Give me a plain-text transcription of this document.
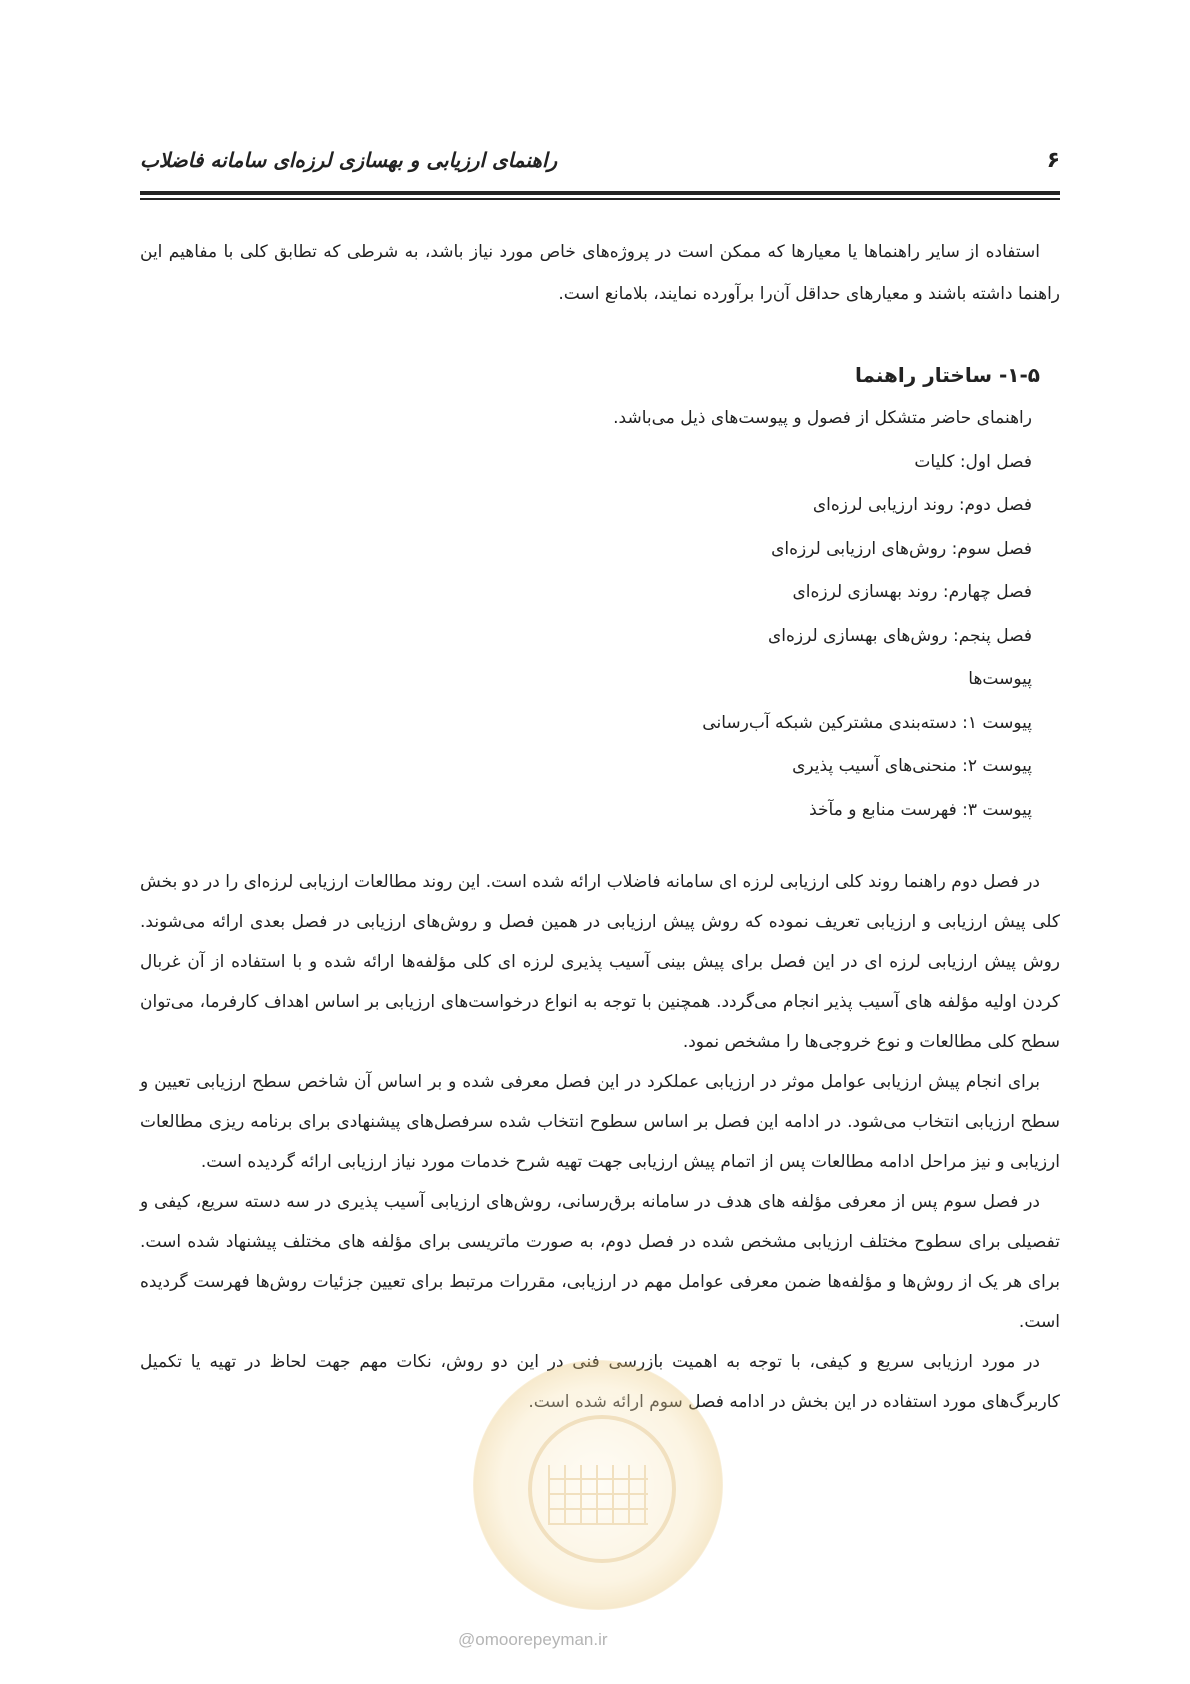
۶
راهنمای ارزیابی و بهسازی لرزه‌ای سامانه فاضلاب

استفاده از سایر راهنماها یا معیارها که ممکن است در پروژه‌های خاص مورد نیاز باشد، به شرطی که تطابق کلی با مفاهیم این راهنما داشته باشند و معیارهای حداقل آن‌را برآورده نمایند، بلامانع است.

۱-۵- ساختار راهنما

راهنمای حاضر متشکل از فصول و پیوست‌های ذیل می‌باشد.
فصل اول: کلیات
فصل دوم: روند ارزیابی لرزه‌ای
فصل سوم: روش‌های ارزیابی لرزه‌ای
فصل چهارم: روند بهسازی لرزه‌ای
فصل پنجم: روش‌های بهسازی لرزه‌ای
پیوست‌ها
پیوست ۱: دسته‌بندی مشترکین شبکه آب‌رسانی
پیوست ۲: منحنی‌های آسیب پذیری
پیوست ۳: فهرست منابع و مآخذ

در فصل دوم راهنما روند کلی ارزیابی لرزه ای سامانه فاضلاب ارائه شده است. این روند مطالعات ارزیابی لرزه‌ای را در دو بخش کلی پیش ارزیابی و ارزیابی تعریف نموده که روش پیش ارزیابی در همین فصل و روش‌های ارزیابی در فصل بعدی ارائه می‌شوند. روش پیش ارزیابی لرزه ای در این فصل برای پیش بینی آسیب پذیری لرزه ای کلی مؤلفه‌ها ارائه شده و با استفاده از آن غربال کردن اولیه مؤلفه های آسیب پذیر انجام می‌گردد. همچنین با توجه به انواع درخواست‌های ارزیابی بر اساس اهداف کارفرما، می‌توان سطح کلی مطالعات و نوع خروجی‌ها را مشخص نمود.

برای انجام پیش ارزیابی عوامل موثر در ارزیابی عملکرد در این فصل معرفی شده و بر اساس آن شاخص سطح ارزیابی تعیین و سطح ارزیابی انتخاب می‌شود. در ادامه این فصل بر اساس سطوح انتخاب شده سرفصل‌های پیشنهادی برای برنامه ریزی مطالعات ارزیابی و نیز مراحل ادامه مطالعات پس از اتمام پیش ارزیابی جهت تهیه شرح خدمات مورد نیاز ارزیابی ارائه گردیده است.

در فصل سوم پس از معرفی مؤلفه های هدف در سامانه برق‌رسانی، روش‌های ارزیابی آسیب پذیری در سه دسته سریع، کیفی و تفصیلی برای سطوح مختلف ارزیابی مشخص شده در فصل دوم، به صورت ماتریسی برای مؤلفه های مختلف پیشنهاد شده است. برای هر یک از روش‌ها و مؤلفه‌ها ضمن معرفی عوامل مهم در ارزیابی، مقررات مرتبط برای تعیین جزئیات روش‌ها فهرست گردیده است.

در مورد ارزیابی سریع و کیفی، با توجه به اهمیت بازرسی فنی در این دو روش، نکات مهم جهت لحاظ در تهیه یا تکمیل کاربرگ‌های مورد استفاده در این بخش در ادامه فصل سوم ارائه شده است.

@omoorepeyman.ir
